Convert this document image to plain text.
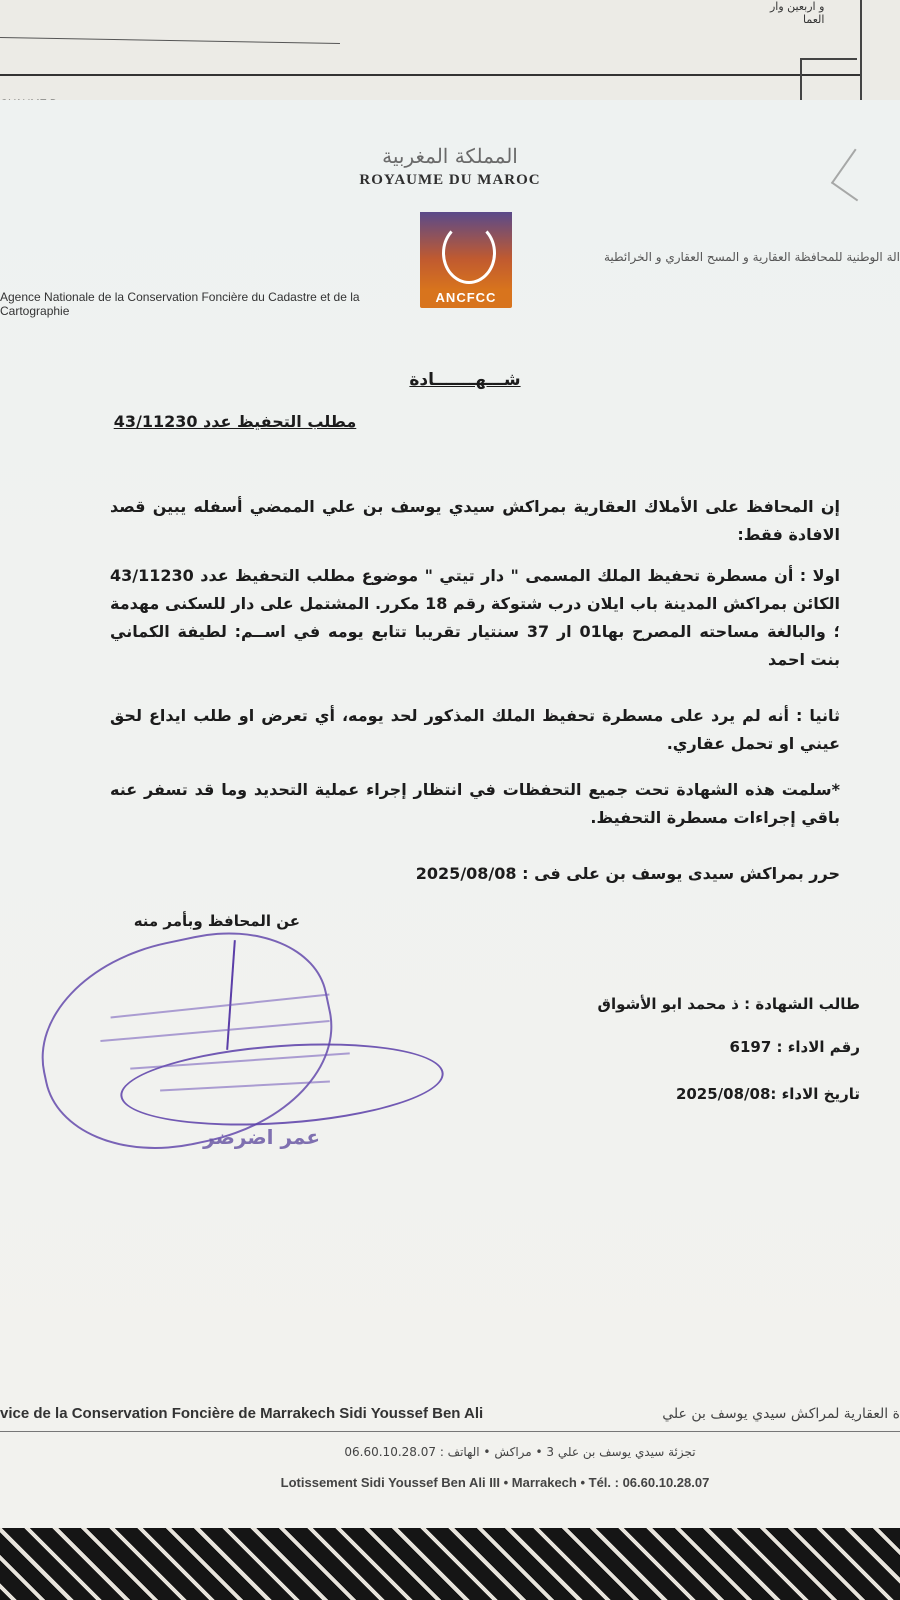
و اربعين وار
العما
المملكة المغربية
ROYAUME DU MAROC
ANCFCC
الة الوطنية للمحافظة العقارية و المسح العقاري و الخرائطية
Agence Nationale de la Conservation Foncière du Cadastre et de la Cartographie
شـــهـــــــادة
مطلب التحفيظ عدد 43/11230
إن المحافظ على الأملاك العقارية بمراكش سيدي يوسف بن علي الممضي أسفله يبين قصد الافادة فقط:
اولا : أن مسطرة تحفيظ الملك المسمى " دار تيتي " موضوع مطلب التحفيظ عدد 43/11230 الكائن بمراكش المدينة باب ايلان درب شتوكة رقم 18 مكرر. المشتمل على دار للسكنى مهدمة ؛ والبالغة مساحته المصرح بها01 ار 37 سنتيار تقريبا تتابع يومه في اســم: لطيفة الكماني بنت احمد
ثانيا : أنه لم يرد على مسطرة تحفيظ الملك المذكور لحد يومه، أي تعرض او طلب ايداع لحق عيني او تحمل عقاري.
*سلمت هذه الشهادة تحت جميع التحفظات في انتظار إجراء عملية التحديد وما قد تسفر عنه باقي إجراءات مسطرة التحفيظ.
حرر بمراكش سيدى يوسف بن على فى : 2025/08/08
عن المحافظ وبأمر منه
عمر اضرضر
طالب الشهادة : ذ محمد ابو الأشواق
رقم الاداء : 6197
تاريخ الاداء :2025/08/08
vice de la Conservation Foncière de Marrakech Sidi Youssef Ben Ali	ة العقارية لمراكش سيدي يوسف بن علي
تجزئة سيدي يوسف بن علي 3 • مراكش • الهاتف : 06.60.10.28.07
Lotissement Sidi Youssef Ben Ali III • Marrakech • Tél. : 06.60.10.28.07
